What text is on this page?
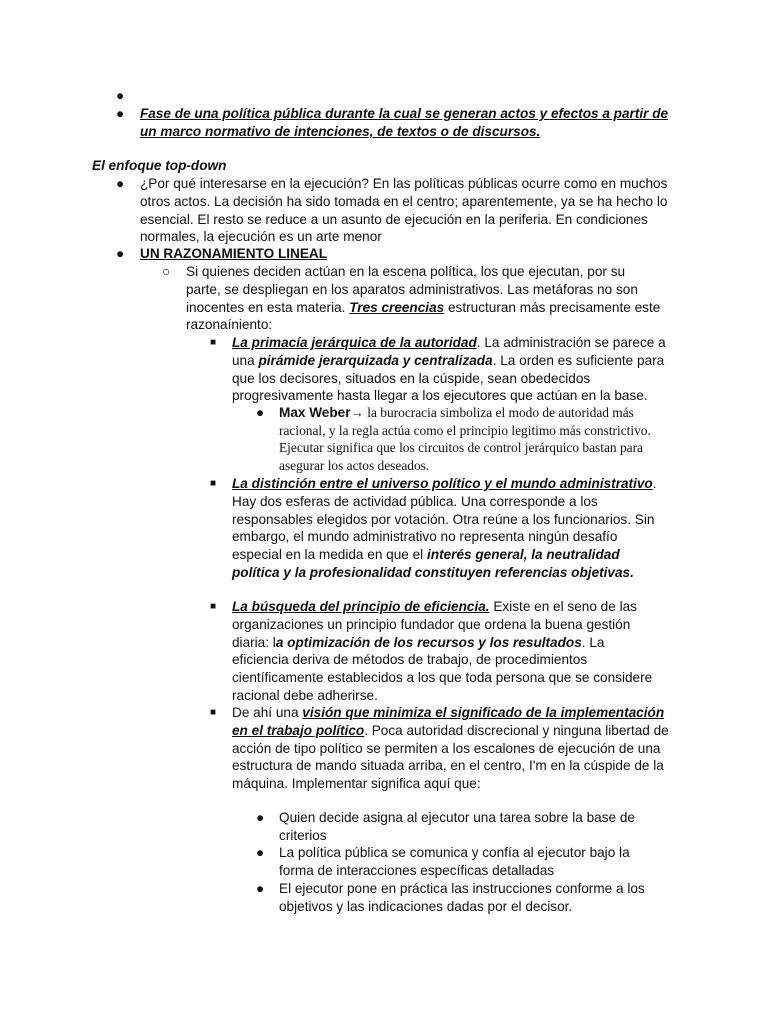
●
● Fase de una política pública durante la cual se generan actos y efectos a partir de un marco normativo de intenciones, de textos o de discursos.

El enfoque top-down
● ¿Por qué interesarse en la ejecución? En las políticas públicas ocurre como en muchos otros actos. La decisión ha sido tomada en el centro; aparentemente, ya se ha hecho lo esencial. El resto se reduce a un asunto de ejecución en la periferia. En condiciones normales, la ejecución es un arte menor

● UN RAZONAMIENTO LINEAL
○ Si quienes deciden actúan en la escena política, los que ejecutan, por su parte, se despliegan en los aparatos administrativos. Las metáforas no son inocentes en esta materia. Tres creencias estructuran más precisamente este razonaíniento:

■ La primacía jerárquica de la autoridad. La administración se parece a una pirámide jerarquizada y centralizada. La orden es suficiente para que los decisores, situados en la cúspide, sean obedecidos progresivamente hasta llegar a los ejecutores que actúan en la base.

● Max Weber→ la burocracia simboliza el modo de autoridad más racional, y la regla actúa como el principio legitimo más constrictivo. Ejecutar significa que los circuitos de control jerárquico bastan para asegurar los actos deseados.

■ La distinción entre el universo político y el mundo administrativo. Hay dos esferas de actividad pública. Una corresponde a los responsables elegidos por votación. Otra reúne a los funcionarios. Sin embargo, el mundo administrativo no representa ningún desafío especial en la medida en que el interés general, la neutralidad política y la profesionalidad constituyen referencias objetivas.

■ La búsqueda del principio de eficiencia. Existe en el seno de las organizaciones un principio fundador que ordena la buena gestión diaria: la optimización de los recursos y los resultados. La eficiencia deriva de métodos de trabajo, de procedimientos científicamente establecidos a los que toda persona que se considere racional debe adherirse.

■ De ahí una visión que minimiza el significado de la implementación en el trabajo político. Poca autoridad discrecional y ninguna libertad de acción de tipo político se permiten a los escalones de ejecución de una estructura de mando situada arriba, en el centro, I'm en la cúspide de la máquina. Implementar significa aquí que:

● Quien decide asigna al ejecutor una tarea sobre la base de criterios

● La política pública se comunica y confía al ejecutor bajo la forma de interacciones específicas detalladas

● El ejecutor pone en práctica las instrucciones conforme a los objetivos y las indicaciones dadas por el decisor.
